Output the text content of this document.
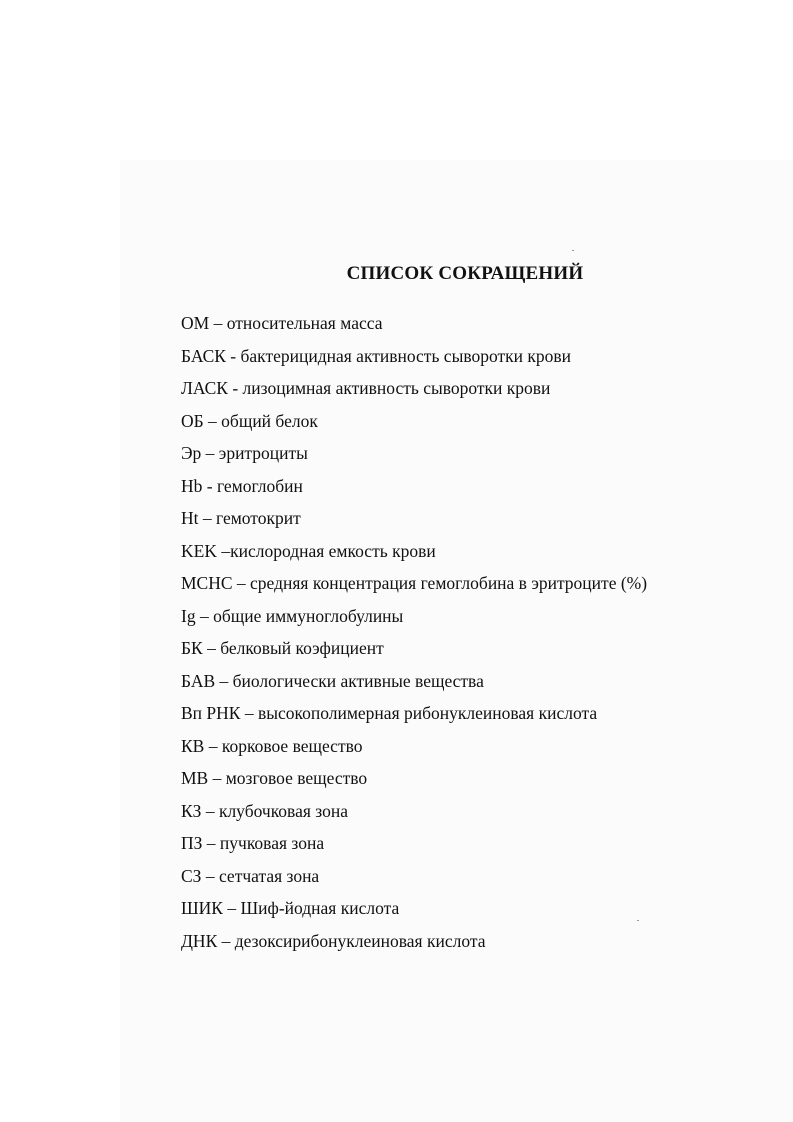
СПИСОК СОКРАЩЕНИЙ
ОМ – относительная масса
БАСК - бактерицидная активность сыворотки крови
ЛАСК - лизоцимная активность сыворотки крови
ОБ – общий белок
Эр – эритроциты
Hb - гемоглобин
Ht – гемотокрит
KEK –кислородная емкость крови
MCHC – средняя концентрация гемоглобина в эритроците (%)
Ig – общие иммуноглобулины
БК – белковый коэфициент
БАВ – биологически активные вещества
Вп РНК – высокополимерная рибонуклеиновая кислота
КВ – корковое вещество
МВ – мозговое вещество
КЗ – клубочковая зона
ПЗ – пучковая зона
СЗ – сетчатая зона
ШИК – Шиф-йодная кислота
ДНК – дезоксирибонуклеиновая кислота
